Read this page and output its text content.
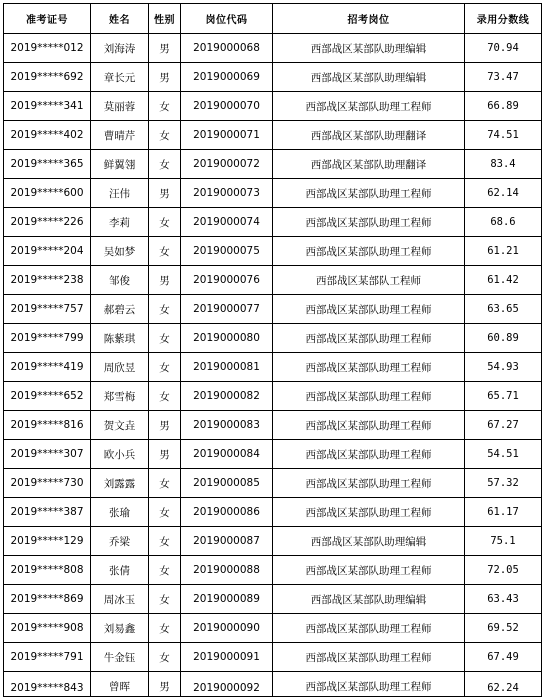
准考证号	姓名	性别	岗位代码	招考岗位	录用分数线
2019*****012	刘海涛	男	2019000068	西部战区某部队助理编辑	70.94
2019*****692	章长元	男	2019000069	西部战区某部队助理编辑	73.47
2019*****341	莫丽蓉	女	2019000070	西部战区某部队助理工程师	66.89
2019*****402	曹晴芹	女	2019000071	西部战区某部队助理翻译	74.51
2019*****365	鲜翼翎	女	2019000072	西部战区某部队助理翻译	83.4
2019*****600	汪伟	男	2019000073	西部战区某部队助理工程师	62.14
2019*****226	李莉	女	2019000074	西部战区某部队助理工程师	68.6
2019*****204	吴如梦	女	2019000075	西部战区某部队助理工程师	61.21
2019*****238	邹俊	男	2019000076	西部战区某部队工程师	61.42
2019*****757	郝碧云	女	2019000077	西部战区某部队助理工程师	63.65
2019*****799	陈紫琪	女	2019000080	西部战区某部队助理工程师	60.89
2019*****419	周欣昱	女	2019000081	西部战区某部队助理工程师	54.93
2019*****652	郑雪梅	女	2019000082	西部战区某部队助理工程师	65.71
2019*****816	贺文垚	男	2019000083	西部战区某部队助理工程师	67.27
2019*****307	欧小兵	男	2019000084	西部战区某部队助理工程师	54.51
2019*****730	刘露露	女	2019000085	西部战区某部队助理工程师	57.32
2019*****387	张瑜	女	2019000086	西部战区某部队助理工程师	61.17
2019*****129	乔梁	女	2019000087	西部战区某部队助理编辑	75.1
2019*****808	张倩	女	2019000088	西部战区某部队助理工程师	72.05
2019*****869	周冰玉	女	2019000089	西部战区某部队助理编辑	63.43
2019*****908	刘易鑫	女	2019000090	西部战区某部队助理工程师	69.52
2019*****791	牛金钰	女	2019000091	西部战区某部队助理工程师	67.49
2019*****843	曾晖	男	2019000092	西部战区某部队助理工程师	62.24
